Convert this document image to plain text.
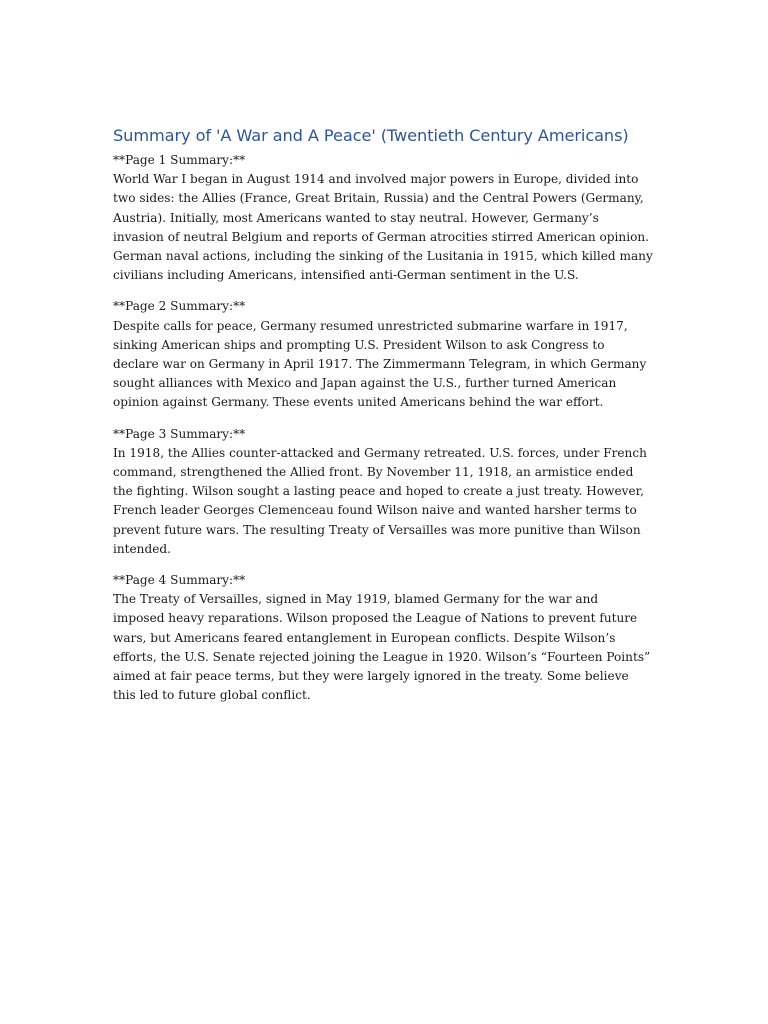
Summary of 'A War and A Peace' (Twentieth Century Americans)

**Page 1 Summary:**

World War I began in August 1914 and involved major powers in Europe, divided into two sides: the Allies (France, Great Britain, Russia) and the Central Powers (Germany, Austria). Initially, most Americans wanted to stay neutral. However, Germany’s invasion of neutral Belgium and reports of German atrocities stirred American opinion. German naval actions, including the sinking of the Lusitania in 1915, which killed many civilians including Americans, intensified anti-German sentiment in the U.S.

**Page 2 Summary:**

Despite calls for peace, Germany resumed unrestricted submarine warfare in 1917, sinking American ships and prompting U.S. President Wilson to ask Congress to declare war on Germany in April 1917. The Zimmermann Telegram, in which Germany sought alliances with Mexico and Japan against the U.S., further turned American opinion against Germany. These events united Americans behind the war effort.

**Page 3 Summary:**

In 1918, the Allies counter-attacked and Germany retreated. U.S. forces, under French command, strengthened the Allied front. By November 11, 1918, an armistice ended the fighting. Wilson sought a lasting peace and hoped to create a just treaty. However, French leader Georges Clemenceau found Wilson naive and wanted harsher terms to prevent future wars. The resulting Treaty of Versailles was more punitive than Wilson intended.

**Page 4 Summary:**

The Treaty of Versailles, signed in May 1919, blamed Germany for the war and imposed heavy reparations. Wilson proposed the League of Nations to prevent future wars, but Americans feared entanglement in European conflicts. Despite Wilson’s efforts, the U.S. Senate rejected joining the League in 1920. Wilson’s “Fourteen Points” aimed at fair peace terms, but they were largely ignored in the treaty. Some believe this led to future global conflict.
